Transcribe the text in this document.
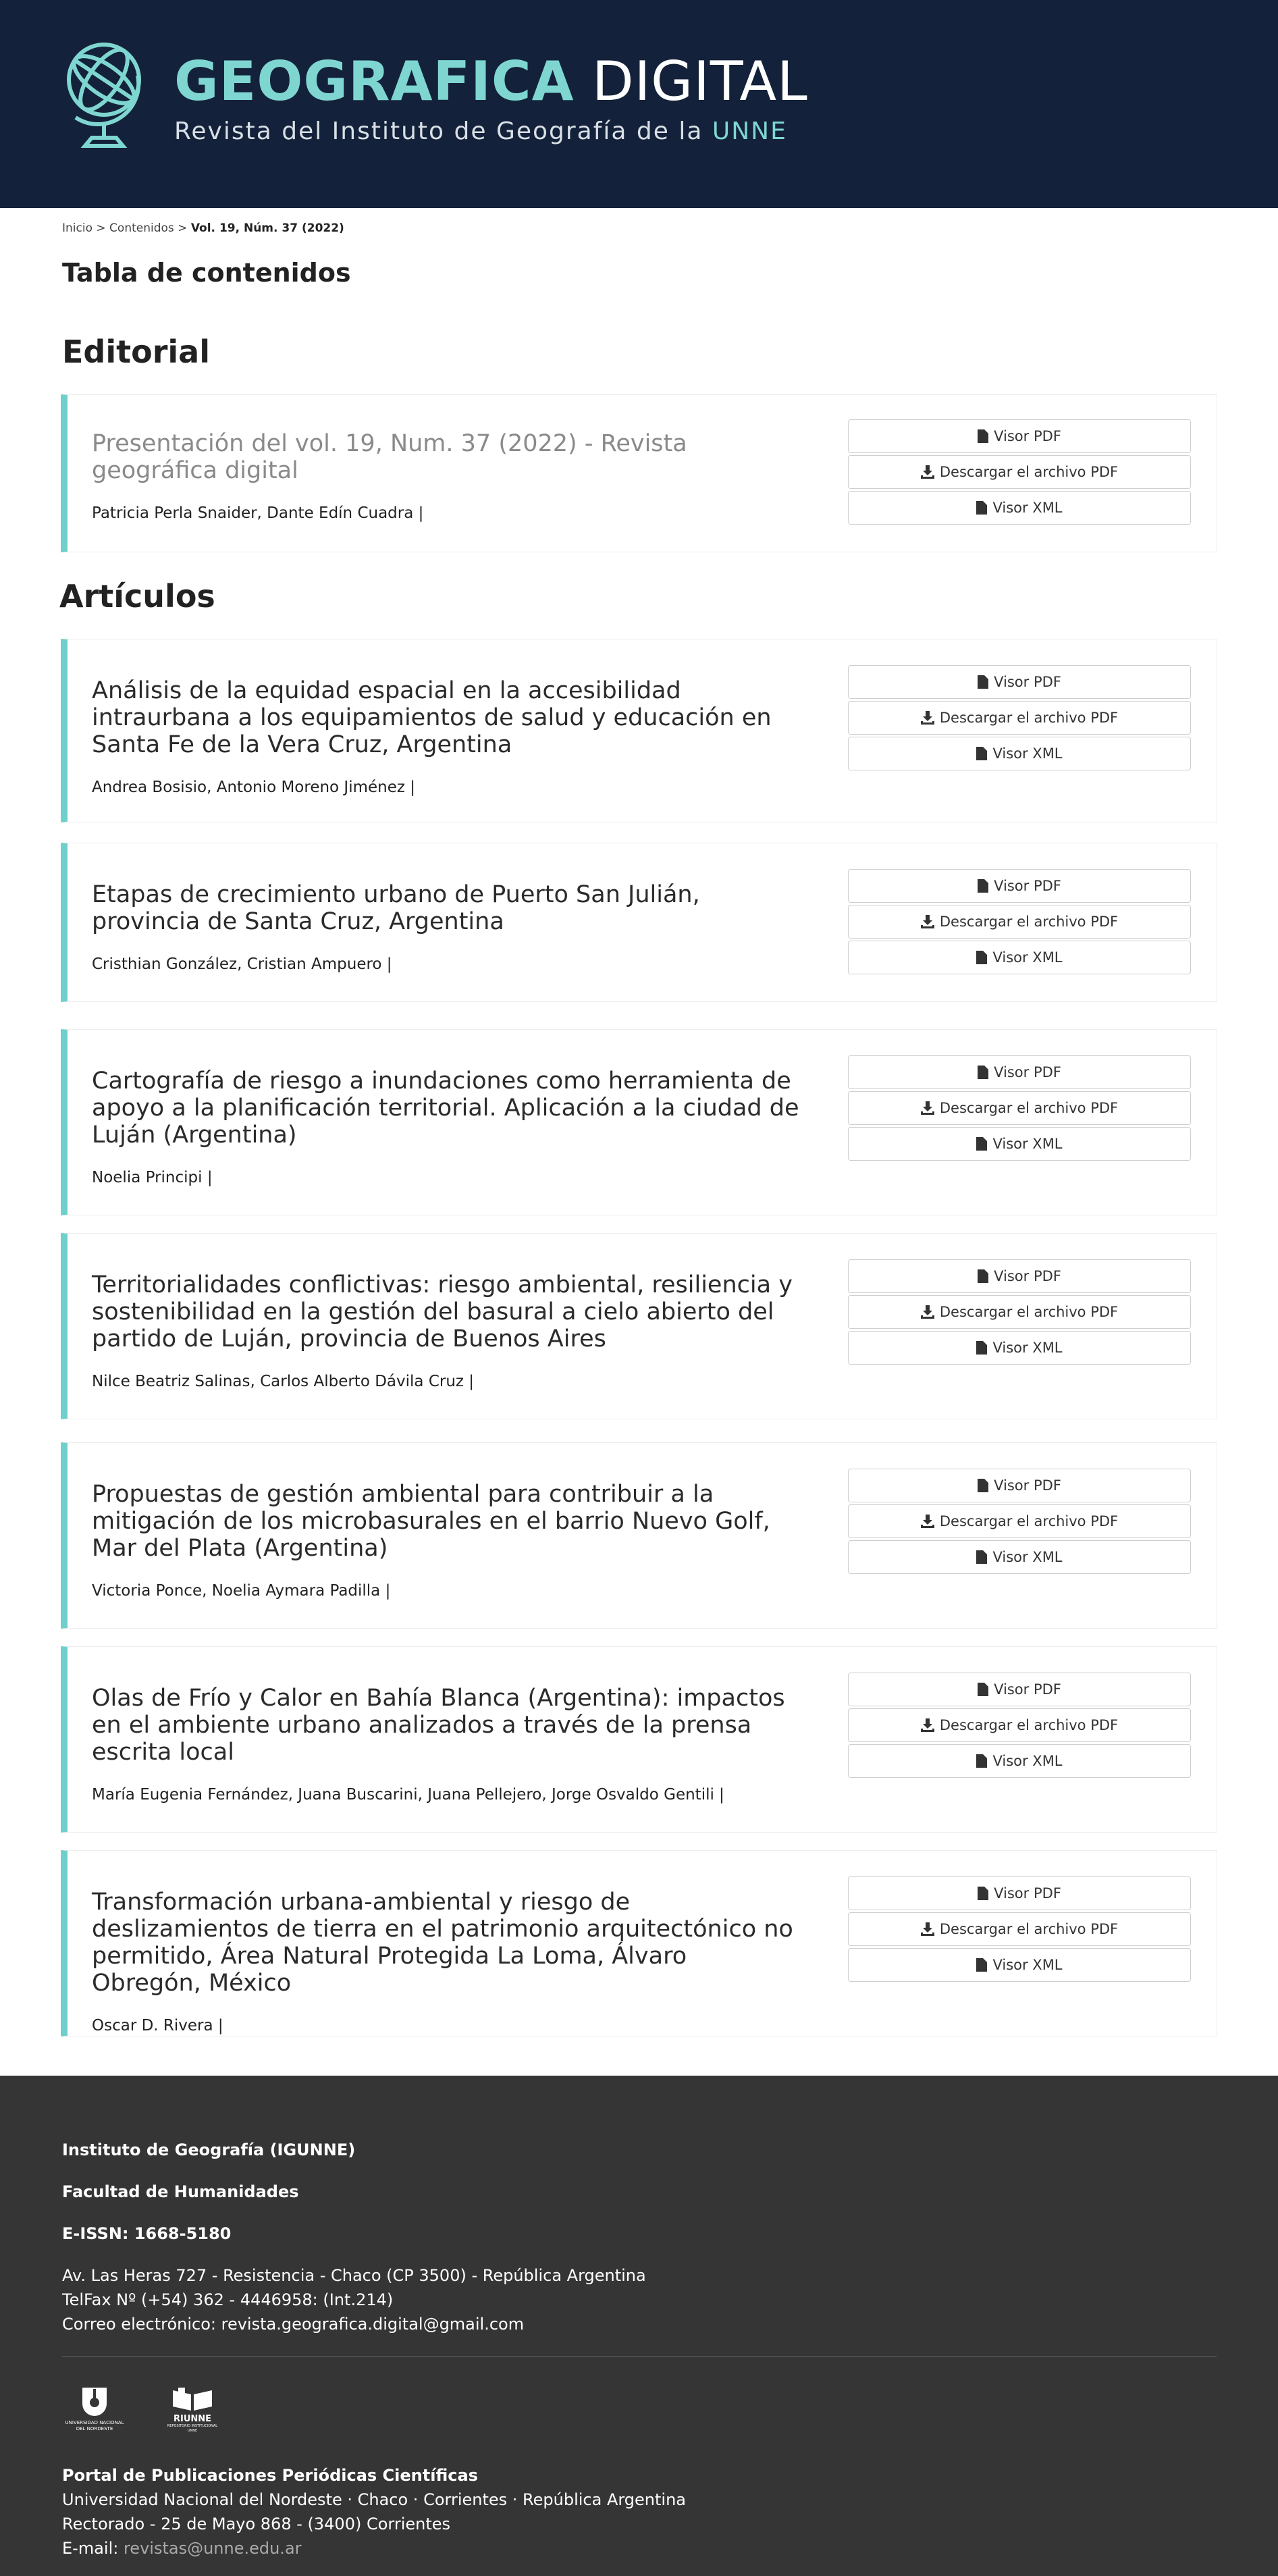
GEOGRAFICA DIGITAL
Revista del Instituto de Geografía de la UNNE
Inicio > Contenidos > Vol. 19, Núm. 37 (2022)
Tabla de contenidos
Editorial
Presentación del vol. 19, Num. 37 (2022) - Revista geográfica digital
Patricia Perla Snaider, Dante Edín Cuadra |
Visor PDF
Descargar el archivo PDF
Visor XML
Artículos
Análisis de la equidad espacial en la accesibilidad intraurbana a los equipamientos de salud y educación en Santa Fe de la Vera Cruz, Argentina
Andrea Bosisio, Antonio Moreno Jiménez |
Visor PDF
Descargar el archivo PDF
Visor XML
Etapas de crecimiento urbano de Puerto San Julián, provincia de Santa Cruz, Argentina
Cristhian González, Cristian Ampuero |
Visor PDF
Descargar el archivo PDF
Visor XML
Cartografía de riesgo a inundaciones como herramienta de apoyo a la planificación territorial. Aplicación a la ciudad de Luján (Argentina)
Noelia Principi |
Visor PDF
Descargar el archivo PDF
Visor XML
Territorialidades conflictivas: riesgo ambiental, resiliencia y sostenibilidad en la gestión del basural a cielo abierto del partido de Luján, provincia de Buenos Aires
Nilce Beatriz Salinas, Carlos Alberto Dávila Cruz |
Visor PDF
Descargar el archivo PDF
Visor XML
Propuestas de gestión ambiental para contribuir a la mitigación de los microbasurales en el barrio Nuevo Golf, Mar del Plata (Argentina)
Victoria Ponce, Noelia Aymara Padilla |
Visor PDF
Descargar el archivo PDF
Visor XML
Olas de Frío y Calor en Bahía Blanca (Argentina): impactos en el ambiente urbano analizados a través de la prensa escrita local
María Eugenia Fernández, Juana Buscarini, Juana Pellejero, Jorge Osvaldo Gentili |
Visor PDF
Descargar el archivo PDF
Visor XML
Transformación urbana-ambiental y riesgo de deslizamientos de tierra en el patrimonio arquitectónico no permitido, Área Natural Protegida La Loma, Álvaro Obregón, México
Oscar D. Rivera |
Visor PDF
Descargar el archivo PDF
Visor XML
Instituto de Geografía (IGUNNE)
Facultad de Humanidades
E-ISSN: 1668-5180
Av. Las Heras 727 - Resistencia - Chaco (CP 3500) - República Argentina
TelFax Nº (+54) 362 - 4446958: (Int.214)
Correo electrónico: revista.geografica.digital@gmail.com
UNIVERSIDAD NACIONAL
DEL NORDESTE
RIUNNE
REPOSITORIO INSTITUCIONAL UNNE
Portal de Publicaciones Periódicas Científicas
Universidad Nacional del Nordeste · Chaco · Corrientes · República Argentina
Rectorado - 25 de Mayo 868 - (3400) Corrientes
E-mail: revistas@unne.edu.ar
